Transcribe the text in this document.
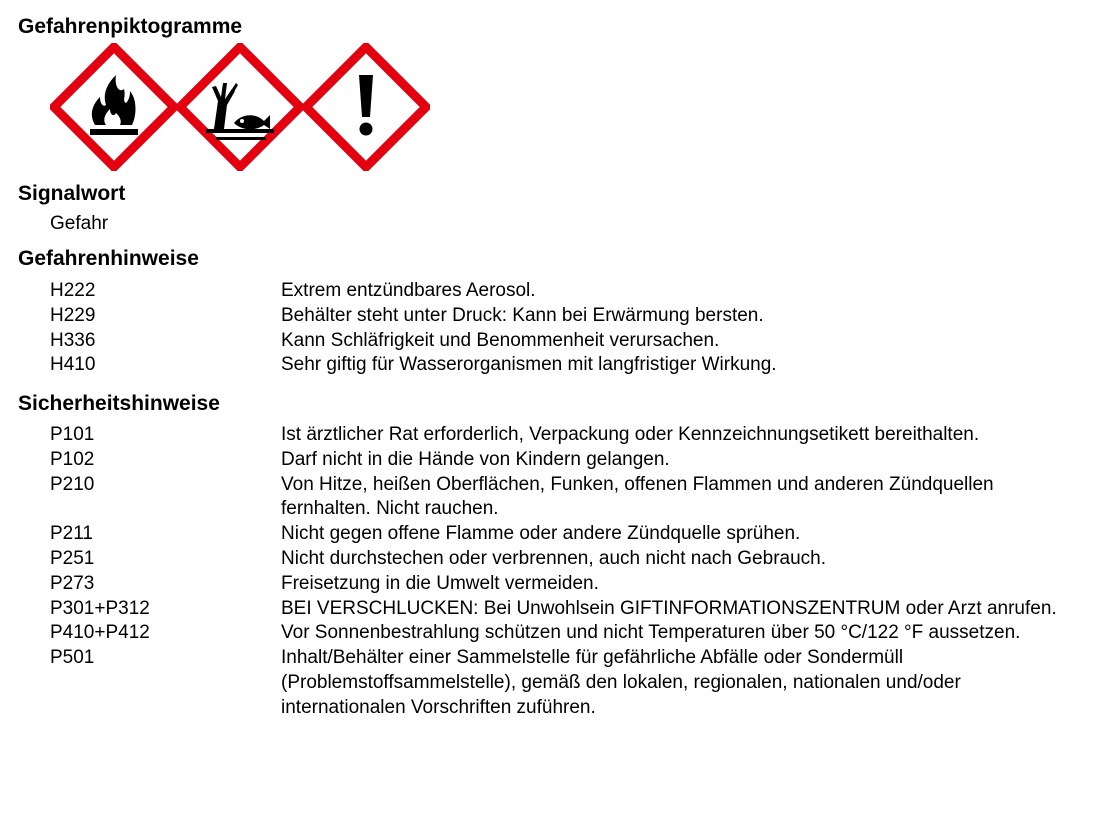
Gefahrenpiktogramme
Signalwort
Gefahr
Gefahrenhinweise
H222	Extrem entzündbares Aerosol.
H229	Behälter steht unter Druck: Kann bei Erwärmung bersten.
H336	Kann Schläfrigkeit und Benommenheit verursachen.
H410	Sehr giftig für Wasserorganismen mit langfristiger Wirkung.
Sicherheitshinweise
P101	Ist ärztlicher Rat erforderlich, Verpackung oder Kennzeichnungsetikett bereithalten.
P102	Darf nicht in die Hände von Kindern gelangen.
P210	Von Hitze, heißen Oberflächen, Funken, offenen Flammen und anderen Zündquellen fernhalten. Nicht rauchen.
P211	Nicht gegen offene Flamme oder andere Zündquelle sprühen.
P251	Nicht durchstechen oder verbrennen, auch nicht nach Gebrauch.
P273	Freisetzung in die Umwelt vermeiden.
P301+P312	BEI VERSCHLUCKEN: Bei Unwohlsein GIFTINFORMATIONSZENTRUM oder Arzt anrufen.
P410+P412	Vor Sonnenbestrahlung schützen und nicht Temperaturen über 50 °C/122 °F aussetzen.
P501	Inhalt/Behälter einer Sammelstelle für gefährliche Abfälle oder Sondermüll (Problemstoffsammelstelle), gemäß den lokalen, regionalen, nationalen und/oder internationalen Vorschriften zuführen.
